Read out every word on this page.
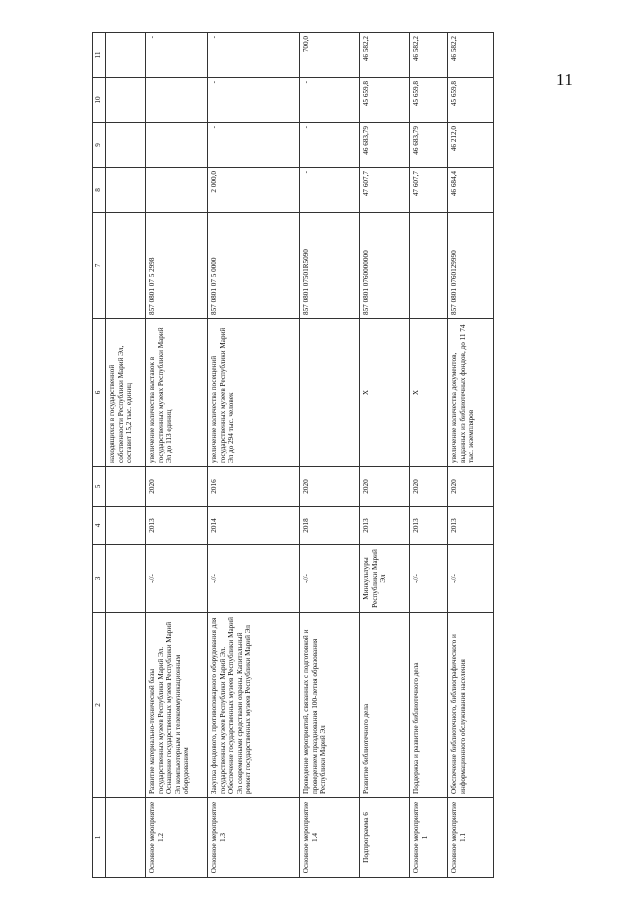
11
1	2	3	4	5	6	7	8	9	10	11
					находящихся в государственной собственности Республики Марий Эл, составит 15,2 тыс. единиц					
Основное мероприятие 1.2	Развитие материально-технической базы государственных музеев Республики Марий Эл. Оснащение государственных музеев Республики Марий Эл компьютерным и телекоммуникационным оборудованием	-//-	2013	2020	увеличение количества выставок в государственных музеях Республики Марий Эл до 113 единиц	857 0801 07 5 2998				-
Основное мероприятие 1.3	Закупка фондового, противопожарного оборудования для государственных музеев Республики Марий Эл. Обеспечение государственных музеев Республики Марий Эл современными средствами охраны. Капитальный ремонт государственных музеев Республики Марий Эл	-//-	2014	2016	увеличение количества посещений государственных музеев Республики Марий Эл до 294 тыс. человек	857 0801 07 5 0000	2 000,0	-	-	-
Основное мероприятие 1.4	Проведение мероприятий, связанных с подготовкой и проведением празднования 100-летия образования Республики Марий Эл	-//-	2018	2020		857 0801 07501R5090	-	-	-	700,0
Подпрограмма 6	Развитие библиотечного дела	Минкультуры Республики Марий Эл	2013	2020	Х	857 0801 0760000000	47 607,7	46 683,79	45 659,8	46 582,2
Основное мероприятие 1	Поддержка и развитие библиотечного дела	-//-	2013	2020	Х		47 607,7	46 683,79	45 659,8	46 582,2
Основное мероприятие 1.1	Обеспечение библиотечного, библиографического и информационного обслуживания населения	-//-	2013	2020	увеличение количества документов, выданных из библиотечных фондов, до 11 74 тыс. экземпляров	857 0801 0760129990	46 684,4	46 212,0	45 659,8	46 582,2
